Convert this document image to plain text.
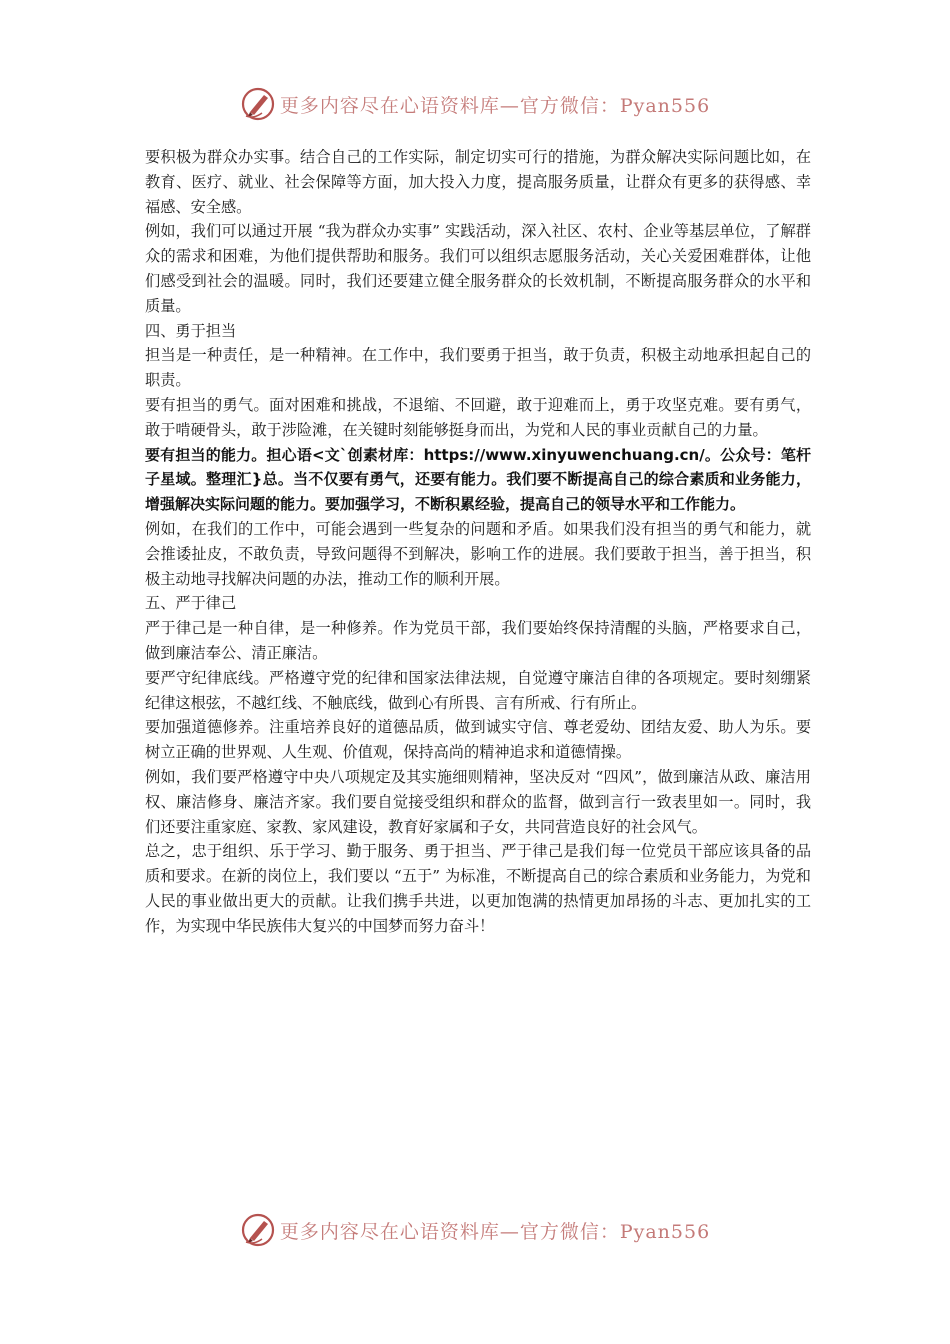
更多内容尽在心语资料库—官方微信：Pyan556

要积极为群众办实事。结合自己的工作实际，制定切实可行的措施，为群众解决实际问题比如，在教育、医疗、就业、社会保障等方面，加大投入力度，提高服务质量，让群众有更多的获得感、幸福感、安全感。

例如，我们可以通过开展 “我为群众办实事” 实践活动，深入社区、农村、企业等基层单位，了解群众的需求和困难，为他们提供帮助和服务。我们可以组织志愿服务活动，关心关爱困难群体，让他们感受到社会的温暖。同时，我们还要建立健全服务群众的长效机制，不断提高服务群众的水平和质量。

四、勇于担当

担当是一种责任，是一种精神。在工作中，我们要勇于担当，敢于负责，积极主动地承担起自己的职责。

要有担当的勇气。面对困难和挑战，不退缩、不回避，敢于迎难而上，勇于攻坚克难。要有勇气，敢于啃硬骨头，敢于涉险滩，在关键时刻能够挺身而出，为党和人民的事业贡献自己的力量。

要有担当的能力。担心语<文`创素材库：https://www.xinyuwenchuang.cn/。公众号：笔杆子星域。整理汇}总。当不仅要有勇气，还要有能力。我们要不断提高自己的综合素质和业务能力，增强解决实际问题的能力。要加强学习，不断积累经验，提高自己的领导水平和工作能力。

例如，在我们的工作中，可能会遇到一些复杂的问题和矛盾。如果我们没有担当的勇气和能力，就会推诿扯皮，不敢负责，导致问题得不到解决，影响工作的进展。我们要敢于担当，善于担当，积极主动地寻找解决问题的办法，推动工作的顺利开展。

五、严于律己

严于律己是一种自律，是一种修养。作为党员干部，我们要始终保持清醒的头脑，严格要求自己，做到廉洁奉公、清正廉洁。

要严守纪律底线。严格遵守党的纪律和国家法律法规，自觉遵守廉洁自律的各项规定。要时刻绷紧纪律这根弦，不越红线、不触底线，做到心有所畏、言有所戒、行有所止。

要加强道德修养。注重培养良好的道德品质，做到诚实守信、尊老爱幼、团结友爱、助人为乐。要树立正确的世界观、人生观、价值观，保持高尚的精神追求和道德情操。

例如，我们要严格遵守中央八项规定及其实施细则精神，坚决反对 “四风”，做到廉洁从政、廉洁用权、廉洁修身、廉洁齐家。我们要自觉接受组织和群众的监督，做到言行一致表里如一。同时，我们还要注重家庭、家教、家风建设，教育好家属和子女，共同营造良好的社会风气。

总之，忠于组织、乐于学习、勤于服务、勇于担当、严于律己是我们每一位党员干部应该具备的品质和要求。在新的岗位上，我们要以 “五于” 为标准，不断提高自己的综合素质和业务能力，为党和人民的事业做出更大的贡献。让我们携手共进，以更加饱满的热情更加昂扬的斗志、更加扎实的工作，为实现中华民族伟大复兴的中国梦而努力奋斗！

更多内容尽在心语资料库—官方微信：Pyan556
